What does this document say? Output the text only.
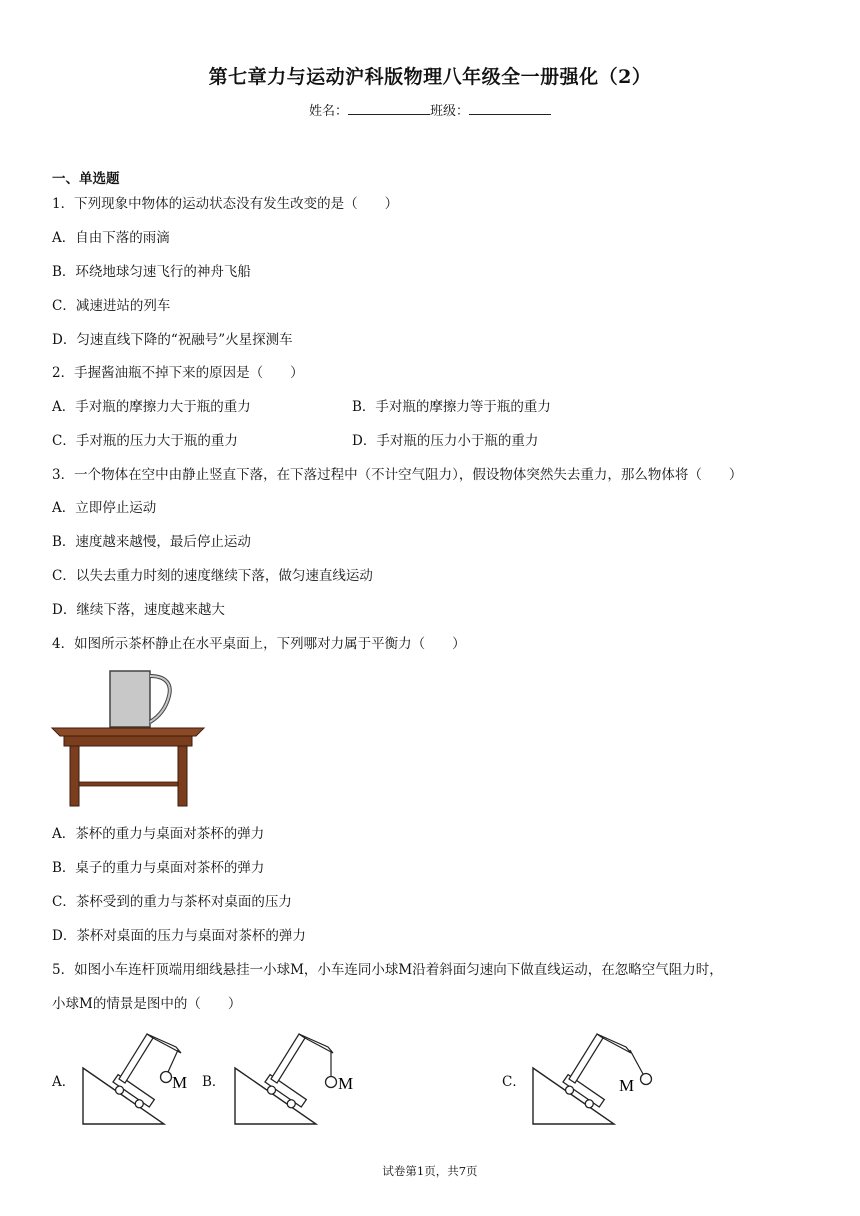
第七章力与运动沪科版物理八年级全一册强化（2）
姓名：	班级：
一、单选题
1．下列现象中物体的运动状态没有发生改变的是（　　）
A．自由下落的雨滴
B．环绕地球匀速飞行的神舟飞船
C．减速进站的列车
D．匀速直线下降的“祝融号”火星探测车
2．手握酱油瓶不掉下来的原因是（　　）
A．手对瓶的摩擦力大于瓶的重力	B．手对瓶的摩擦力等于瓶的重力
C．手对瓶的压力大于瓶的重力	D．手对瓶的压力小于瓶的重力
3．一个物体在空中由静止竖直下落，在下落过程中（不计空气阻力），假设物体突然失去重力，那么物体将（　　）
A．立即停止运动
B．速度越来越慢，最后停止运动
C．以失去重力时刻的速度继续下落，做匀速直线运动
D．继续下落，速度越来越大
4．如图所示茶杯静止在水平桌面上，下列哪对力属于平衡力（　　）
A．茶杯的重力与桌面对茶杯的弹力
B．桌子的重力与桌面对茶杯的弹力
C．茶杯受到的重力与茶杯对桌面的压力
D．茶杯对桌面的压力与桌面对茶杯的弹力
5．如图小车连杆顶端用细线悬挂一小球M，小车连同小球M沿着斜面匀速向下做直线运动，在忽略空气阻力时，
小球M的情景是图中的（　　）
A．	M B．	M	C．	M
试卷第1页，共7页
